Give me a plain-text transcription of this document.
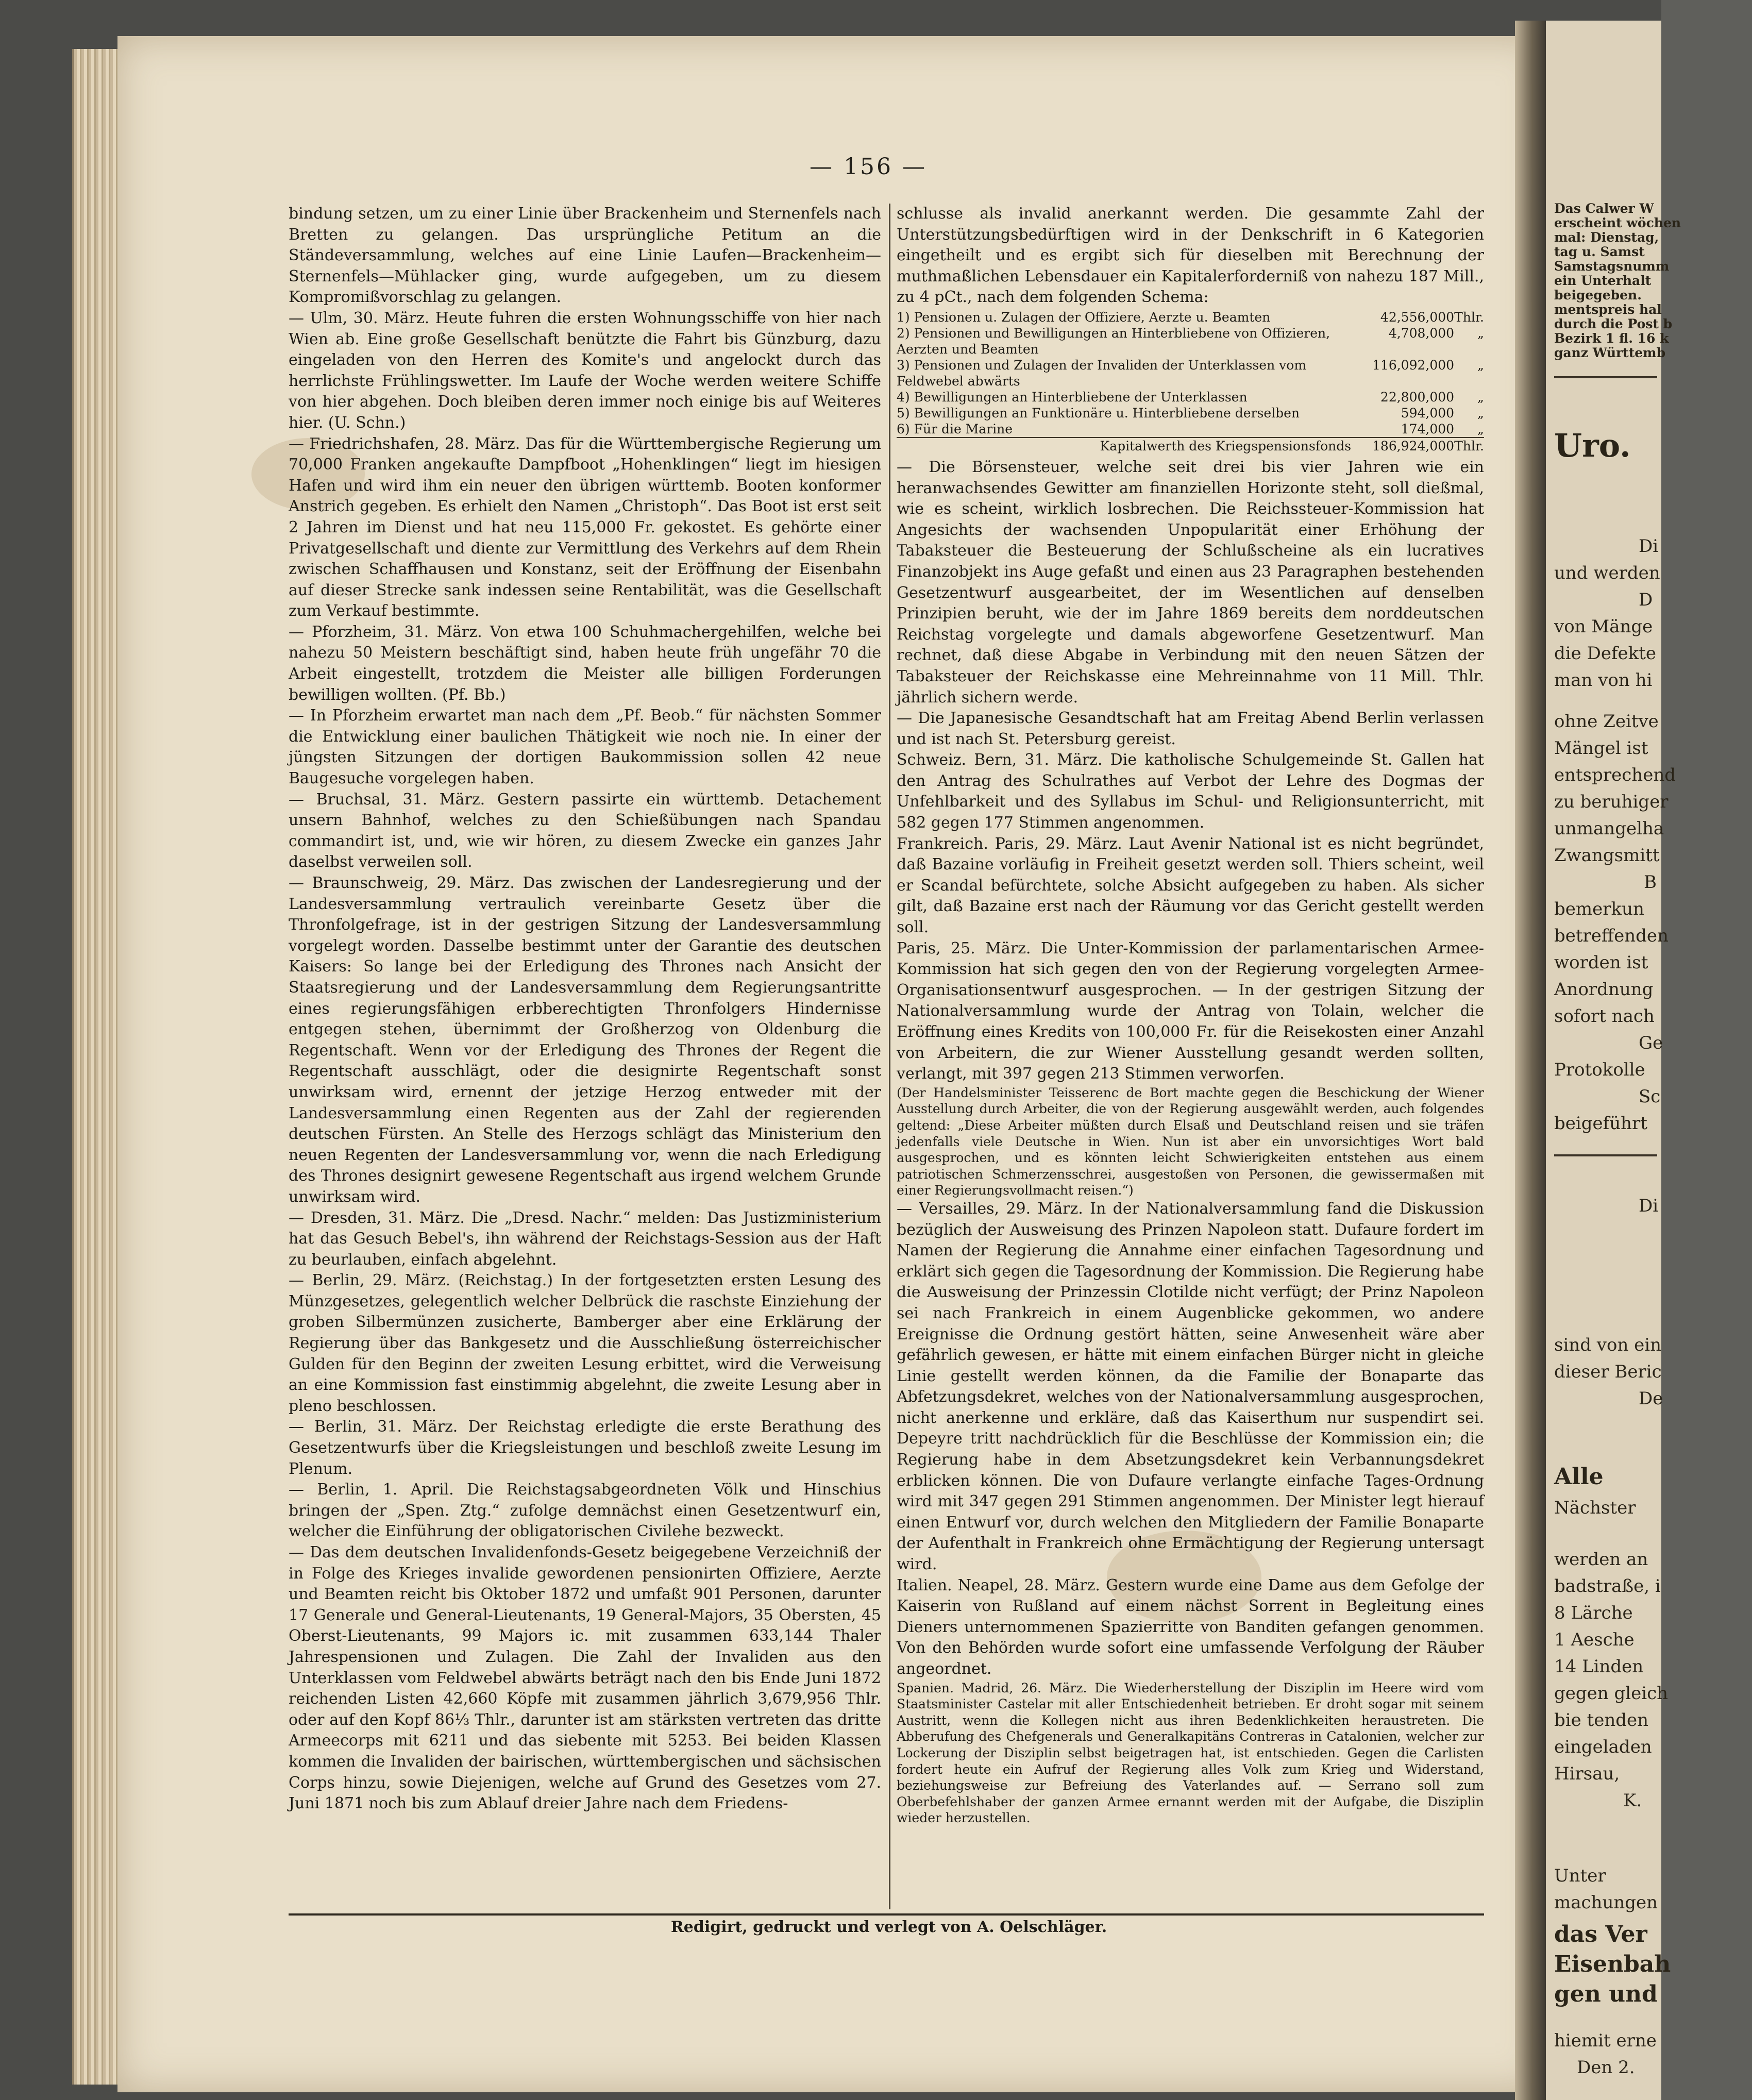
— 156 —

bindung setzen, um zu einer Linie über Brackenheim und Sternenfels nach Bretten zu gelangen. Das ursprüngliche Petitum an die Ständeversammlung, welches auf eine Linie Laufen—Brackenheim—Sternenfels—Mühlacker ging, wurde aufgegeben, um zu diesem Kompromißvorschlag zu gelangen.

— Ulm, 30. März. Heute fuhren die ersten Wohnungsschiffe von hier nach Wien ab. Eine große Gesellschaft benützte die Fahrt bis Günzburg, dazu eingeladen von den Herren des Komite's und angelockt durch das herrlichste Frühlingswetter. Im Laufe der Woche werden weitere Schiffe von hier abgehen. Doch bleiben deren immer noch einige bis auf Weiteres hier. (U. Schn.)

— Friedrichshafen, 28. März. Das für die Württembergische Regierung um 70,000 Franken angekaufte Dampfboot „Hohenklingen“ liegt im hiesigen Hafen und wird ihm ein neuer den übrigen württemb. Booten konformer Anstrich gegeben. Es erhielt den Namen „Christoph“. Das Boot ist erst seit 2 Jahren im Dienst und hat neu 115,000 Fr. gekostet. Es gehörte einer Privatgesellschaft und diente zur Vermittlung des Verkehrs auf dem Rhein zwischen Schaffhausen und Konstanz, seit der Eröffnung der Eisenbahn auf dieser Strecke sank indessen seine Rentabilität, was die Gesellschaft zum Verkauf bestimmte.

— Pforzheim, 31. März. Von etwa 100 Schuhmachergehilfen, welche bei nahezu 50 Meistern beschäftigt sind, haben heute früh ungefähr 70 die Arbeit eingestellt, trotzdem die Meister alle billigen Forderungen bewilligen wollten. (Pf. Bb.)

— In Pforzheim erwartet man nach dem „Pf. Beob.“ für nächsten Sommer die Entwicklung einer baulichen Thätigkeit wie noch nie. In einer der jüngsten Sitzungen der dortigen Baukommission sollen 42 neue Baugesuche vorgelegen haben.

— Bruchsal, 31. März. Gestern passirte ein württemb. Detachement unsern Bahnhof, welches zu den Schießübungen nach Spandau commandirt ist, und, wie wir hören, zu diesem Zwecke ein ganzes Jahr daselbst verweilen soll.

— Braunschweig, 29. März. Das zwischen der Landesregierung und der Landesversammlung vertraulich vereinbarte Gesetz über die Thronfolgefrage, ist in der gestrigen Sitzung der Landesversammlung vorgelegt worden. Dasselbe bestimmt unter der Garantie des deutschen Kaisers: So lange bei der Erledigung des Thrones nach Ansicht der Staatsregierung und der Landesversammlung dem Regierungsantritte eines regierungsfähigen erbberechtigten Thronfolgers Hindernisse entgegen stehen, übernimmt der Großherzog von Oldenburg die Regentschaft. Wenn vor der Erledigung des Thrones der Regent die Regentschaft ausschlägt, oder die designirte Regentschaft sonst unwirksam wird, ernennt der jetzige Herzog entweder mit der Landesversammlung einen Regenten aus der Zahl der regierenden deutschen Fürsten. An Stelle des Herzogs schlägt das Ministerium den neuen Regenten der Landesversammlung vor, wenn die nach Erledigung des Thrones designirt gewesene Regentschaft aus irgend welchem Grunde unwirksam wird.

— Dresden, 31. März. Die „Dresd. Nachr.“ melden: Das Justizministerium hat das Gesuch Bebel's, ihn während der Reichstags-Session aus der Haft zu beurlauben, einfach abgelehnt.

— Berlin, 29. März. (Reichstag.) In der fortgesetzten ersten Lesung des Münzgesetzes, gelegentlich welcher Delbrück die raschste Einziehung der groben Silbermünzen zusicherte, Bamberger aber eine Erklärung der Regierung über das Bankgesetz und die Ausschließung österreichischer Gulden für den Beginn der zweiten Lesung erbittet, wird die Verweisung an eine Kommission fast einstimmig abgelehnt, die zweite Lesung aber in pleno beschlossen.

— Berlin, 31. März. Der Reichstag erledigte die erste Berathung des Gesetzentwurfs über die Kriegsleistungen und beschloß zweite Lesung im Plenum.

— Berlin, 1. April. Die Reichstagsabgeordneten Völk und Hinschius bringen der „Spen. Ztg.“ zufolge demnächst einen Gesetzentwurf ein, welcher die Einführung der obligatorischen Civilehe bezweckt.

— Das dem deutschen Invalidenfonds-Gesetz beigegebene Verzeichniß der in Folge des Krieges invalide gewordenen pensionirten Offiziere, Aerzte und Beamten reicht bis Oktober 1872 und umfaßt 901 Personen, darunter 17 Generale und General-Lieutenants, 19 General-Majors, 35 Obersten, 45 Oberst-Lieutenants, 99 Majors ic. mit zusammen 633,144 Thaler Jahrespensionen und Zulagen. Die Zahl der Invaliden aus den Unterklassen vom Feldwebel abwärts beträgt nach den bis Ende Juni 1872 reichenden Listen 42,660 Köpfe mit zusammen jährlich 3,679,956 Thlr. oder auf den Kopf 86⅓ Thlr., darunter ist am stärksten vertreten das dritte Armeecorps mit 6211 und das siebente mit 5253. Bei beiden Klassen kommen die Invaliden der bairischen, württembergischen und sächsischen Corps hinzu, sowie Diejenigen, welche auf Grund des Gesetzes vom 27. Juni 1871 noch bis zum Ablauf dreier Jahre nach dem Friedens-

schlusse als invalid anerkannt werden. Die gesammte Zahl der Unterstützungsbedürftigen wird in der Denkschrift in 6 Kategorien eingetheilt und es ergibt sich für dieselben mit Berechnung der muthmaßlichen Lebensdauer ein Kapitalerforderniß von nahezu 187 Mill., zu 4 pCt., nach dem folgenden Schema:

1) Pensionen u. Zulagen der Offiziere, Aerzte u. Beamten	42,556,000	Thlr.
2) Pensionen und Bewilligungen an Hinterbliebene von Offizieren, Aerzten und Beamten	4,708,000	„
3) Pensionen und Zulagen der Invaliden der Unterklassen vom Feldwebel abwärts	116,092,000	„
4) Bewilligungen an Hinterbliebene der Unterklassen	22,800,000	„
5) Bewilligungen an Funktionäre u. Hinterbliebene derselben	594,000	„
6) Für die Marine	174,000	„
Kapitalwerth des Kriegspensionsfonds	186,924,000	Thlr.

— Die Börsensteuer, welche seit drei bis vier Jahren wie ein heranwachsendes Gewitter am finanziellen Horizonte steht, soll dießmal, wie es scheint, wirklich losbrechen. Die Reichssteuer-Kommission hat Angesichts der wachsenden Unpopularität einer Erhöhung der Tabaksteuer die Besteuerung der Schlußscheine als ein lucratives Finanzobjekt ins Auge gefaßt und einen aus 23 Paragraphen bestehenden Gesetzentwurf ausgearbeitet, der im Wesentlichen auf denselben Prinzipien beruht, wie der im Jahre 1869 bereits dem norddeutschen Reichstag vorgelegte und damals abgeworfene Gesetzentwurf. Man rechnet, daß diese Abgabe in Verbindung mit den neuen Sätzen der Tabaksteuer der Reichskasse eine Mehreinnahme von 11 Mill. Thlr. jährlich sichern werde.

— Die Japanesische Gesandtschaft hat am Freitag Abend Berlin verlassen und ist nach St. Petersburg gereist.

Schweiz. Bern, 31. März. Die katholische Schulgemeinde St. Gallen hat den Antrag des Schulrathes auf Verbot der Lehre des Dogmas der Unfehlbarkeit und des Syllabus im Schul- und Religionsunterricht, mit 582 gegen 177 Stimmen angenommen.

Frankreich. Paris, 29. März. Laut Avenir National ist es nicht begründet, daß Bazaine vorläufig in Freiheit gesetzt werden soll. Thiers scheint, weil er Scandal befürchtete, solche Absicht aufgegeben zu haben. Als sicher gilt, daß Bazaine erst nach der Räumung vor das Gericht gestellt werden soll.

Paris, 25. März. Die Unter-Kommission der parlamentarischen Armee-Kommission hat sich gegen den von der Regierung vorgelegten Armee-Organisationsentwurf ausgesprochen. — In der gestrigen Sitzung der Nationalversammlung wurde der Antrag von Tolain, welcher die Eröffnung eines Kredits von 100,000 Fr. für die Reisekosten einer Anzahl von Arbeitern, die zur Wiener Ausstellung gesandt werden sollten, verlangt, mit 397 gegen 213 Stimmen verworfen.

(Der Handelsminister Teisserenc de Bort machte gegen die Beschickung der Wiener Ausstellung durch Arbeiter, die von der Regierung ausgewählt werden, auch folgendes geltend: „Diese Arbeiter müßten durch Elsaß und Deutschland reisen und sie träfen jedenfalls viele Deutsche in Wien. Nun ist aber ein unvorsichtiges Wort bald ausgesprochen, und es könnten leicht Schwierigkeiten entstehen aus einem patriotischen Schmerzensschrei, ausgestoßen von Personen, die gewissermaßen mit einer Regierungsvollmacht reisen.“)

— Versailles, 29. März. In der Nationalversammlung fand die Diskussion bezüglich der Ausweisung des Prinzen Napoleon statt. Dufaure fordert im Namen der Regierung die Annahme einer einfachen Tagesordnung und erklärt sich gegen die Tagesordnung der Kommission. Die Regierung habe die Ausweisung der Prinzessin Clotilde nicht verfügt; der Prinz Napoleon sei nach Frankreich in einem Augenblicke gekommen, wo andere Ereignisse die Ordnung gestört hätten, seine Anwesenheit wäre aber gefährlich gewesen, er hätte mit einem einfachen Bürger nicht in gleiche Linie gestellt werden können, da die Familie der Bonaparte das Abfetzungsdekret, welches von der Nationalversammlung ausgesprochen, nicht anerkenne und erkläre, daß das Kaiserthum nur suspendirt sei. Depeyre tritt nachdrücklich für die Beschlüsse der Kommission ein; die Regierung habe in dem Absetzungsdekret kein Verbannungsdekret erblicken können. Die von Dufaure verlangte einfache Tages-Ordnung wird mit 347 gegen 291 Stimmen angenommen. Der Minister legt hierauf einen Entwurf vor, durch welchen den Mitgliedern der Familie Bonaparte der Aufenthalt in Frankreich ohne Ermächtigung der Regierung untersagt wird.

Italien. Neapel, 28. März. Gestern wurde eine Dame aus dem Gefolge der Kaiserin von Rußland auf einem nächst Sorrent in Begleitung eines Dieners unternommenen Spazierritte von Banditen gefangen genommen. Von den Behörden wurde sofort eine umfassende Verfolgung der Räuber angeordnet.

Spanien. Madrid, 26. März. Die Wiederherstellung der Disziplin im Heere wird vom Staatsminister Castelar mit aller Entschiedenheit betrieben. Er droht sogar mit seinem Austritt, wenn die Kollegen nicht aus ihren Bedenklichkeiten heraustreten. Die Abberufung des Chefgenerals und Generalkapitäns Contreras in Catalonien, welcher zur Lockerung der Disziplin selbst beigetragen hat, ist entschieden. Gegen die Carlisten fordert heute ein Aufruf der Regierung alles Volk zum Krieg und Widerstand, beziehungsweise zur Befreiung des Vaterlandes auf. — Serrano soll zum Oberbefehlshaber der ganzen Armee ernannt werden mit der Aufgabe, die Disziplin wieder herzustellen.

Redigirt, gedruckt und verlegt von A. Oelschläger.
Das Calwer W
erscheint wöchen
mal: Dienstag,
tag u. Samst
Samstagsnumm
ein Unterhalt
beigegeben.
mentspreis hal
durch die Post b
Bezirk 1 fl. 16 k
ganz Württemb
Uro.
Di
und werden
D
von Mänge
die Defekte
man von hi
ohne Zeitve
Mängel ist
entsprechend
zu beruhiger
unmangelha
Zwangsmitt
B
bemerkun
betreffenden
worden ist
Anordnung
sofort nach
Ge
Protokolle
Sc
beigeführt
Di
sind von ein
dieser Beric
De
Alle
Nächster
werden an
badstraße, i
8 Lärche
1 Aesche
14 Linden
gegen gleich
bie tenden
eingeladen
Hirsau,
K.
Unter
machungen
das Ver
Eisenbah
gen und
hiemit erne
Den 2.
